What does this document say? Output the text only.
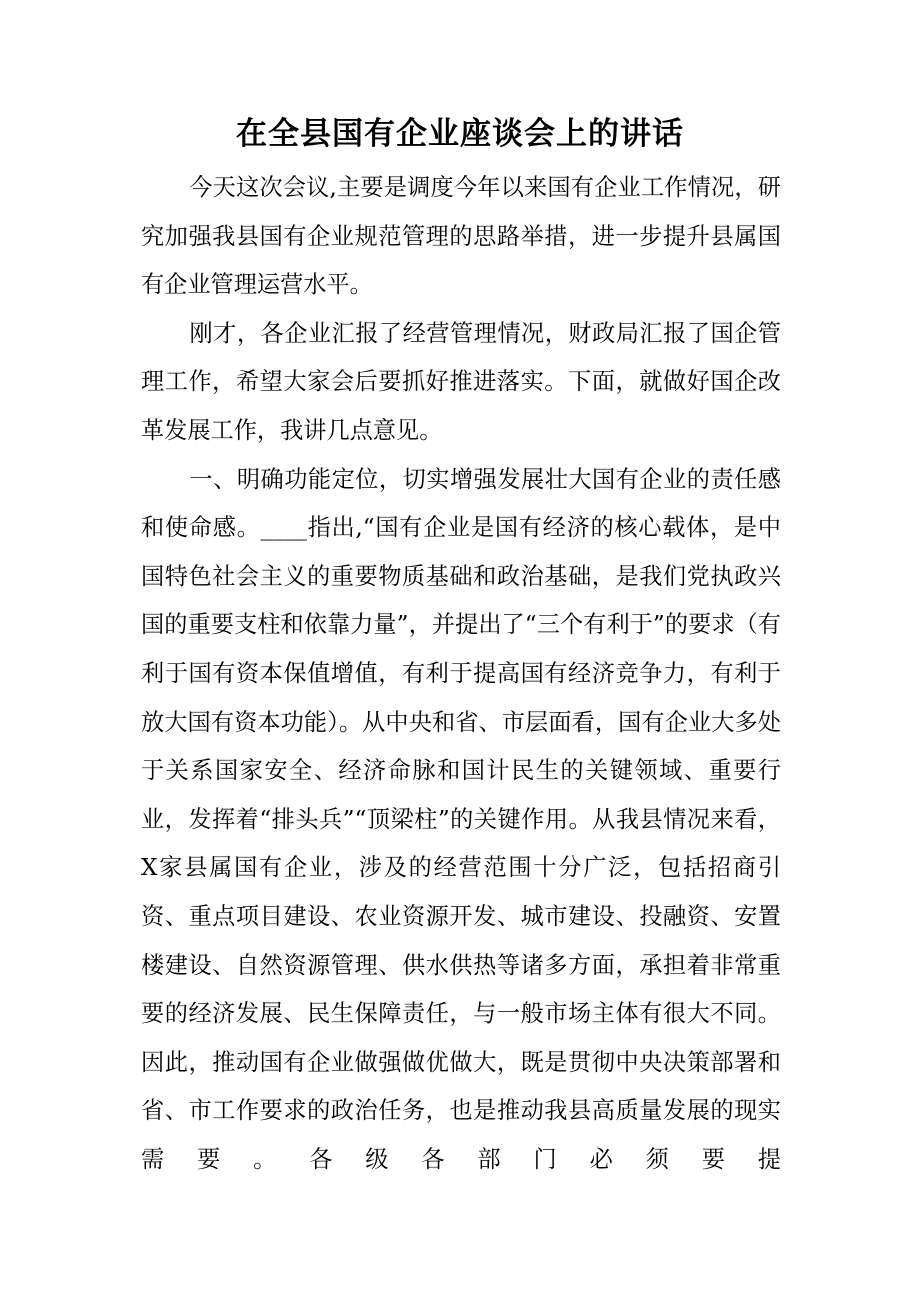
在全县国有企业座谈会上的讲话

今天这次会议,主要是调度今年以来国有企业工作情况，研究加强我县国有企业规范管理的思路举措，进一步提升县属国有企业管理运营水平。

刚才，各企业汇报了经营管理情况，财政局汇报了国企管理工作，希望大家会后要抓好推进落实。下面，就做好国企改革发展工作，我讲几点意见。

一、明确功能定位，切实增强发展壮大国有企业的责任感和使命感。____指出,“国有企业是国有经济的核心载体，是中国特色社会主义的重要物质基础和政治基础，是我们党执政兴国的重要支柱和依靠力量”，并提出了“三个有利于”的要求（有利于国有资本保值增值，有利于提高国有经济竞争力，有利于放大国有资本功能）。从中央和省、市层面看，国有企业大多处于关系国家安全、经济命脉和国计民生的关键领域、重要行业，发挥着“排头兵”“顶梁柱”的关键作用。从我县情况来看，X家县属国有企业，涉及的经营范围十分广泛，包括招商引资、重点项目建设、农业资源开发、城市建设、投融资、安置楼建设、自然资源管理、供水供热等诸多方面，承担着非常重要的经济发展、民生保障责任，与一般市场主体有很大不同。因此，推动国有企业做强做优做大，既是贯彻中央决策部署和省、市工作要求的政治任务，也是推动我县高质量发展的现实需要。各级各部门必须要提
